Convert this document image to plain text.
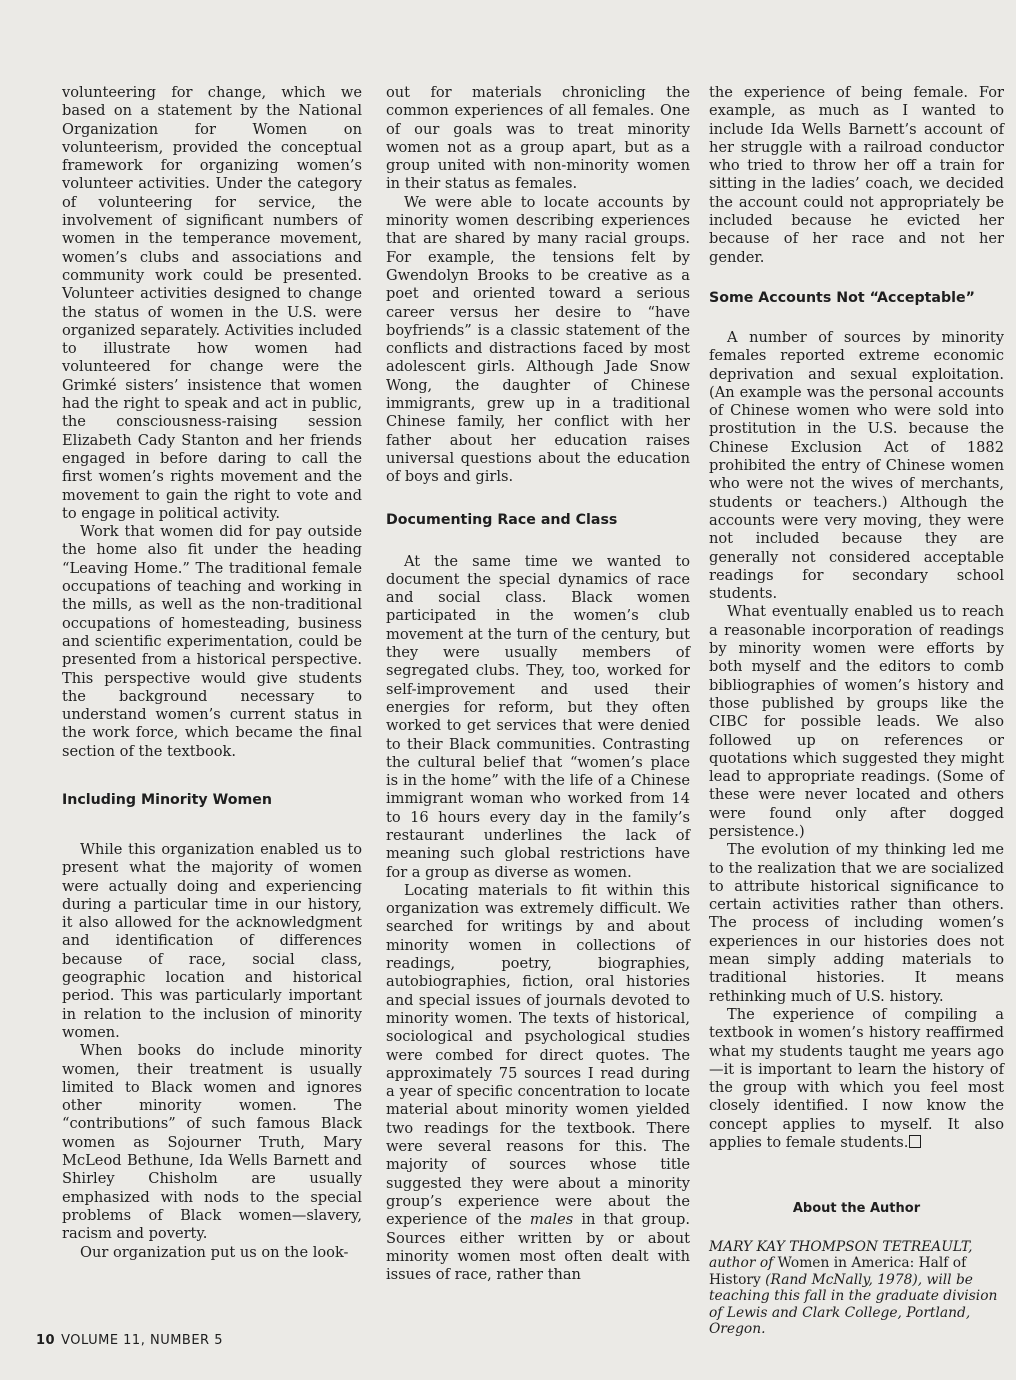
volunteering for change, which we based on a statement by the National Organization for Women on volunteerism, provided the conceptual framework for organizing women’s volunteer activities. Under the category of volunteering for service, the involvement of significant numbers of women in the temperance movement, women’s clubs and associations and community work could be presented. Volunteer activities designed to change the status of women in the U.S. were organized separately. Activities included to illustrate how women had volunteered for change were the Grimké sisters’ insistence that women had the right to speak and act in public, the consciousness-raising session Elizabeth Cady Stanton and her friends engaged in before daring to call the first women’s rights movement and the movement to gain the right to vote and to engage in political activity.

Work that women did for pay outside the home also fit under the heading “Leaving Home.” The traditional female occupations of teaching and working in the mills, as well as the non-traditional occupations of homesteading, business and scientific experimentation, could be presented from a historical perspective. This perspective would give students the background necessary to understand women’s current status in the work force, which became the final section of the textbook.

Including Minority Women

While this organization enabled us to present what the majority of women were actually doing and experiencing during a particular time in our history, it also allowed for the acknowledgment and identification of differences because of race, social class, geographic location and historical period. This was particularly important in relation to the inclusion of minority women.

When books do include minority women, their treatment is usually limited to Black women and ignores other minority women. The “contributions” of such famous Black women as Sojourner Truth, Mary McLeod Bethune, Ida Wells Barnett and Shirley Chisholm are usually emphasized with nods to the special problems of Black women—slavery, racism and poverty.

Our organization put us on the look-

out for materials chronicling the common experiences of all females. One of our goals was to treat minority women not as a group apart, but as a group united with non-minority women in their status as females.

We were able to locate accounts by minority women describing experiences that are shared by many racial groups. For example, the tensions felt by Gwendolyn Brooks to be creative as a poet and oriented toward a serious career versus her desire to “have boyfriends” is a classic statement of the conflicts and distractions faced by most adolescent girls. Although Jade Snow Wong, the daughter of Chinese immigrants, grew up in a traditional Chinese family, her conflict with her father about her education raises universal questions about the education of boys and girls.

Documenting Race and Class

At the same time we wanted to document the special dynamics of race and social class. Black women participated in the women’s club movement at the turn of the century, but they were usually members of segregated clubs. They, too, worked for self-improvement and used their energies for reform, but they often worked to get services that were denied to their Black communities. Contrasting the cultural belief that “women’s place is in the home” with the life of a Chinese immigrant woman who worked from 14 to 16 hours every day in the family’s restaurant underlines the lack of meaning such global restrictions have for a group as diverse as women.

Locating materials to fit within this organization was extremely difficult. We searched for writings by and about minority women in collections of readings, poetry, biographies, autobiographies, fiction, oral histories and special issues of journals devoted to minority women. The texts of historical, sociological and psychological studies were combed for direct quotes. The approximately 75 sources I read during a year of specific concentration to locate material about minority women yielded two readings for the textbook. There were several reasons for this. The majority of sources whose title suggested they were about a minority group’s experience were about the experience of the males in that group. Sources either written by or about minority women most often dealt with issues of race, rather than

the experience of being female. For example, as much as I wanted to include Ida Wells Barnett’s account of her struggle with a railroad conductor who tried to throw her off a train for sitting in the ladies’ coach, we decided the account could not appropriately be included because he evicted her because of her race and not her gender.

Some Accounts Not “Acceptable”

A number of sources by minority females reported extreme economic deprivation and sexual exploitation. (An example was the personal accounts of Chinese women who were sold into prostitution in the U.S. because the Chinese Exclusion Act of 1882 prohibited the entry of Chinese women who were not the wives of merchants, students or teachers.) Although the accounts were very moving, they were not included because they are generally not considered acceptable readings for secondary school students.

What eventually enabled us to reach a reasonable incorporation of readings by minority women were efforts by both myself and the editors to comb bibliographies of women’s history and those published by groups like the CIBC for possible leads. We also followed up on references or quotations which suggested they might lead to appropriate readings. (Some of these were never located and others were found only after dogged persistence.)

The evolution of my thinking led me to the realization that we are socialized to attribute historical significance to certain activities rather than others. The process of including women’s experiences in our histories does not mean simply adding materials to traditional histories. It means rethinking much of U.S. history.

The experience of compiling a textbook in women’s history reaffirmed what my students taught me years ago—it is important to learn the history of the group with which you feel most closely identified. I now know the concept applies to myself. It also applies to female students.

About the Author

MARY KAY THOMPSON TETREAULT, author of Women in America: Half of History (Rand McNally, 1978), will be teaching this fall in the graduate division of Lewis and Clark College, Portland, Oregon.

10 VOLUME 11, NUMBER 5
